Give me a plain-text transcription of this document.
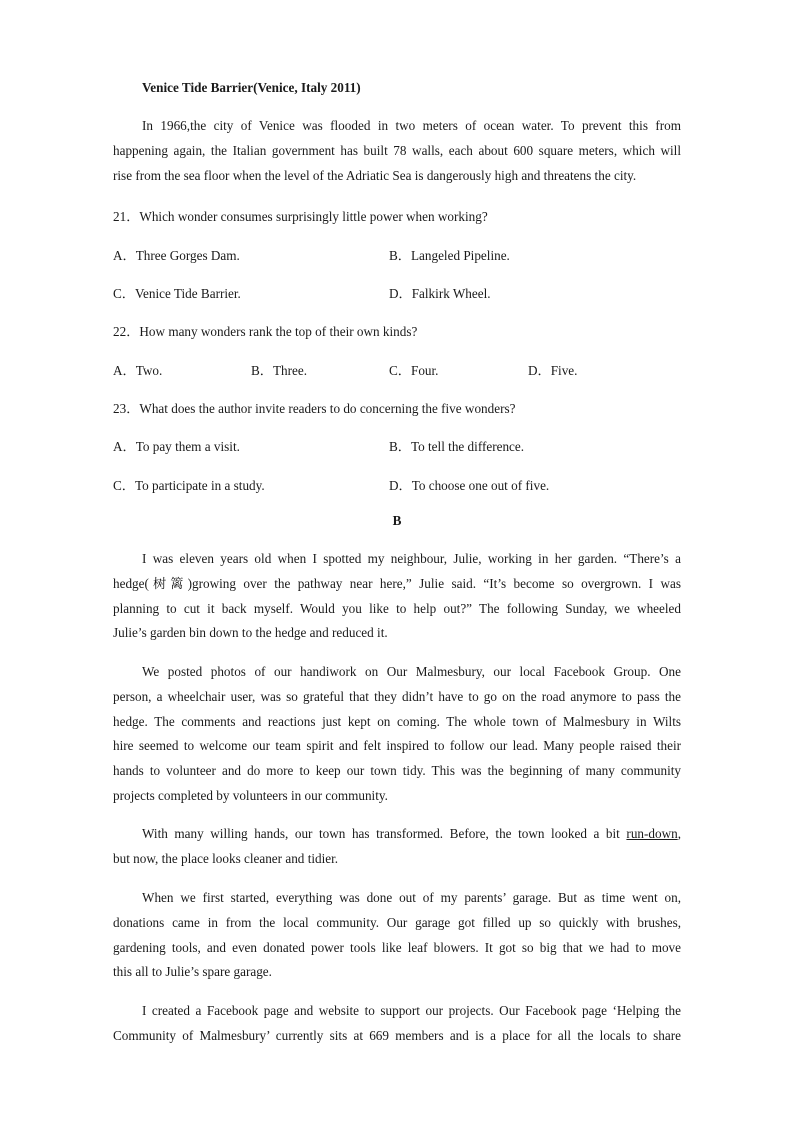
Venice Tide Barrier(Venice, Italy 2011)
In 1966,the city of Venice was flooded in two meters of ocean water. To prevent this from
happening again, the Italian government has built 78 walls, each about 600 square meters, which will
rise from the sea floor when the level of the Adriatic Sea is dangerously high and threatens the city.
21．Which wonder consumes surprisingly little power when working?
A．Three Gorges Dam.	B．Langeled Pipeline.
C．Venice Tide Barrier.	D．Falkirk Wheel.
22．How many wonders rank the top of their own kinds?
A．Two.	B．Three.	C．Four.	D．Five.
23．What does the author invite readers to do concerning the five wonders?
A．To pay them a visit.	B．To tell the difference.
C．To participate in a study.	D．To choose one out of five.
B
I was eleven years old when I spotted my neighbour, Julie, working in her garden. “There’s a
hedge(树篱)growing over the pathway near here,” Julie said. “It’s become so overgrown. I was
planning to cut it back myself. Would you like to help out?” The following Sunday, we wheeled
Julie’s garden bin down to the hedge and reduced it.
We posted photos of our handiwork on Our Malmesbury, our local Facebook Group. One
person, a wheelchair user, was so grateful that they didn’t have to go on the road anymore to pass the
hedge. The comments and reactions just kept on coming. The whole town of Malmesbury in Wilts
hire seemed to welcome our team spirit and felt inspired to follow our lead. Many people raised their
hands to volunteer and do more to keep our town tidy. This was the beginning of many community
projects completed by volunteers in our community.
With many willing hands, our town has transformed. Before, the town looked a bit run-down,
but now, the place looks cleaner and tidier.
When we first started, everything was done out of my parents’ garage. But as time went on,
donations came in from the local community. Our garage got filled up so quickly with brushes,
gardening tools, and even donated power tools like leaf blowers. It got so big that we had to move
this all to Julie’s spare garage.
I created a Facebook page and website to support our projects. Our Facebook page ‘Helping the
Community of Malmesbury’ currently sits at 669 members and is a place for all the locals to share
